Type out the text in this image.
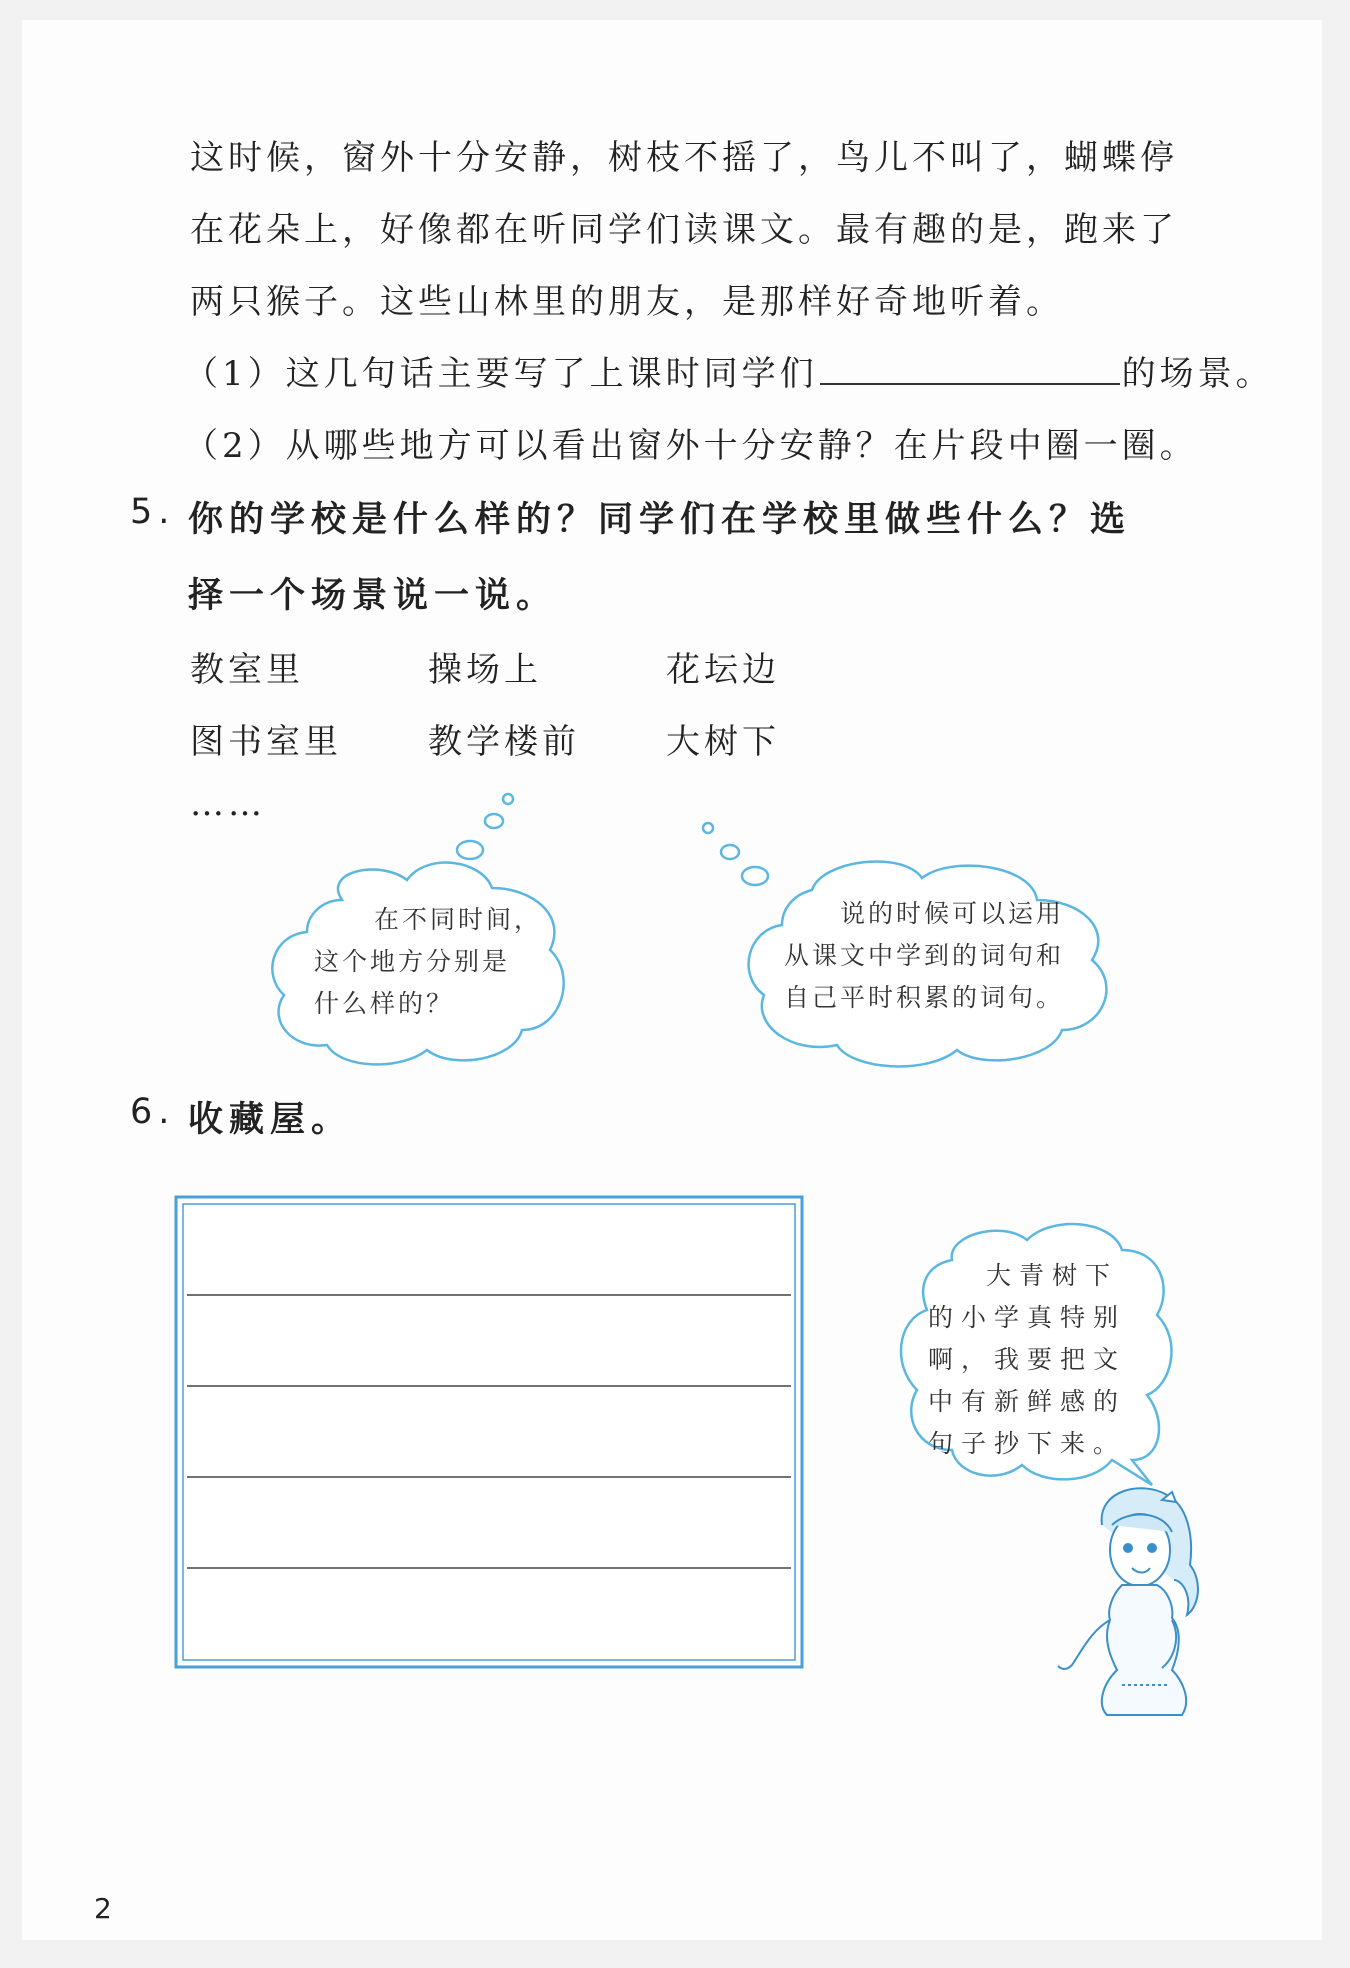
这时候，窗外十分安静，树枝不摇了，鸟儿不叫了，蝴蝶停
在花朵上，好像都在听同学们读课文。最有趣的是，跑来了
两只猴子。这些山林里的朋友，是那样好奇地听着。
（1）这几句话主要写了上课时同学们	的场景。
（2）从哪些地方可以看出窗外十分安静？在片段中圈一圈。
5. 你的学校是什么样的？同学们在学校里做些什么？选
择一个场景说一说。
教室里	操场上	花坛边
图书室里	教学楼前	大树下
……
在不同时间，
这个地方分别是
什么样的？
说的时候可以运用
从课文中学到的词句和
自己平时积累的词句。
6. 收藏屋。
大青树下
的小学真特别
啊，我要把文
中有新鲜感的
句子抄下来。
2
